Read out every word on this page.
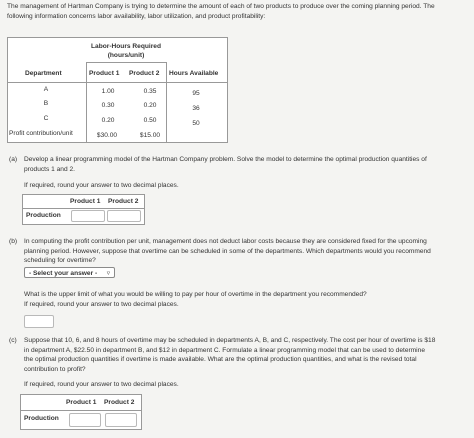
The management of Hartman Company is trying to determine the amount of each of two products to produce over the coming planning period. The
following information concerns labor availability, labor utilization, and product profitability:
Labor-Hours Required
(hours/unit)
Department	Product 1 Product 2 Hours Available
A	1.00	0.35	95
B	0.30	0.20	36
C	0.20	0.50	50
Profit contribution/unit	$30.00	$15.00
(a) Develop a linear programming model of the Hartman Company problem. Solve the model to determine the optimal production quantities of
products 1 and 2.
If required, round your answer to two decimal places.
Product 1 Product 2
Production
(b) In computing the profit contribution per unit, management does not deduct labor costs because they are considered fixed for the upcoming
planning period. However, suppose that overtime can be scheduled in some of the departments. Which departments would you recommend
scheduling for overtime?
- Select your answer - ▿
What is the upper limit of what you would be willing to pay per hour of overtime in the department you recommended?
If required, round your answer to two decimal places.
(c) Suppose that 10, 6, and 8 hours of overtime may be scheduled in departments A, B, and C, respectively. The cost per hour of overtime is $18
in department A, $22.50 in department B, and $12 in department C. Formulate a linear programming model that can be used to determine
the optimal production quantities if overtime is made available. What are the optimal production quantities, and what is the revised total
contribution to profit?
If required, round your answer to two decimal places.
Product 1 Product 2
Production
